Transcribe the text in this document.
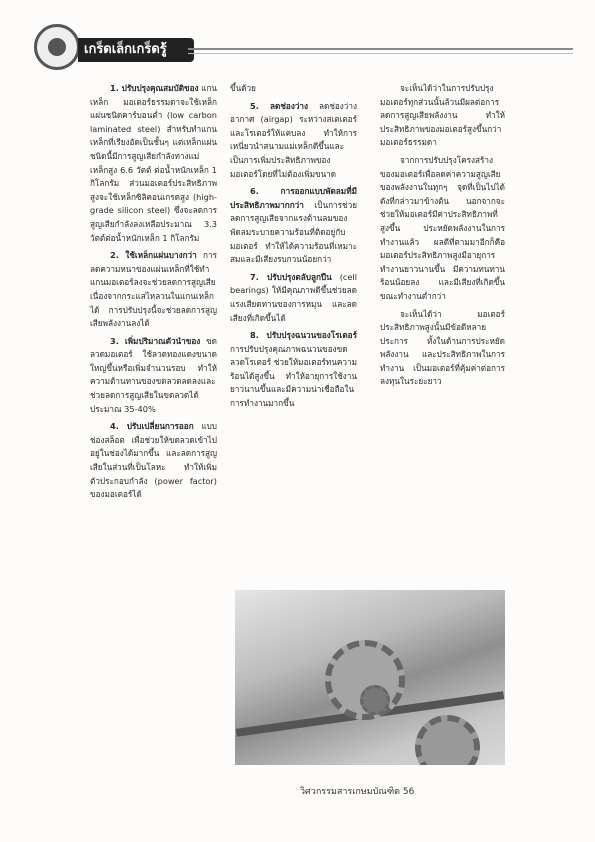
เกร็ดเล็กเกร็ดรู้

1. ปรับปรุงคุณสมบัติของ แกนเหล็ก มอเตอร์ธรรมดาจะใช้เหล็กแผ่นชนิดคาร์บอนต่ำ (low carbon laminated steel) สำหรับทำแกนเหล็กที่เรียงอัดเป็นชั้นๆ แต่เหล็กแผ่นชนิดนี้มีการสูญเสียกำลังทางแม่เหล็กสูง 6.6 วัตต์ ต่อน้ำหนักเหล็ก 1 กิโลกรัม ส่วนมอเตอร์ประสิทธิภาพสูงจะใช้เหล็กซิลิคอนเกรดสูง (high-grade silicon steel) ซึ่งจะลดการสูญเสียกำลังลงเหลือประมาณ 3.3 วัตต์ต่อน้ำหนักเหล็ก 1 กิโลกรัม

2. ใช้เหล็กแผ่นบางกว่า การลดความหนาของแผ่นเหล็กที่ใช้ทำแกนมอเตอร์ลงจะช่วยลดการสูญเสียเนื่องจากกระแสไหลวนในแกนเหล็กได้ การปรับปรุงนี้จะช่วยลดการสูญเสียพลังงานลงได้

3. เพิ่มปริมาณตัวนำของ ขดลวดมอเตอร์ ใช้ลวดทองแดงขนาดใหญ่ขึ้นหรือเพิ่มจำนวนรอบ ทำให้ความต้านทานของขดลวดลดลงและช่วยลดการสูญเสียในขดลวดได้ประมาณ 35-40%

4. ปรับเปลี่ยนการออก แบบช่องสล็อต เพื่อช่วยให้ขดลวดเข้าไปอยู่ในช่องได้มากขึ้น และลดการสูญเสียในส่วนที่เป็นโลหะ ทำให้เพิ่มตัวประกอบกำลัง (power factor) ของมอเตอร์ได้

ขึ้นด้วย

5. ลดช่องว่าง ลดช่องว่างอากาศ (airgap) ระหว่างสเตเตอร์และโรเตอร์ให้แคบลง ทำให้การเหนี่ยวนำสนามแม่เหล็กดีขึ้นและเป็นการเพิ่มประสิทธิภาพของมอเตอร์โดยที่ไม่ต้องเพิ่มขนาด

6. การออกแบบพัดลมที่มีประสิทธิภาพมากกว่า เป็นการช่วยลดการสูญเสียจากแรงต้านลมของพัดลมระบายความร้อนที่ติดอยู่กับมอเตอร์ ทำให้ได้ความร้อนที่เหมาะสมและมีเสียงรบกวนน้อยกว่า

7. ปรับปรุงตลับลูกปืน (cell bearings) ให้มีคุณภาพดีขึ้นช่วยลดแรงเสียดทานของการหมุน และลดเสียงที่เกิดขึ้นได้

8. ปรับปรุงฉนวนของโรเตอร์ การปรับปรุงคุณภาพฉนวนของขดลวดโรเตอร์ ช่วยให้มอเตอร์ทนความร้อนได้สูงขึ้น ทำให้อายุการใช้งานยาวนานขึ้นและมีความน่าเชื่อถือในการทำงานมากขึ้น

จะเห็นได้ว่าในการปรับปรุงมอเตอร์ทุกส่วนนั้นล้วนมีผลต่อการลดการสูญเสียพลังงาน ทำให้ประสิทธิภาพของมอเตอร์สูงขึ้นกว่ามอเตอร์ธรรมดา

จากการปรับปรุงโครงสร้างของมอเตอร์เพื่อลดค่าความสูญเสียของพลังงานในทุกๆ จุดที่เป็นไปได้ ดังที่กล่าวมาข้างต้น นอกจากจะช่วยให้มอเตอร์มีค่าประสิทธิภาพที่สูงขึ้น ประหยัดพลังงานในการทำงานแล้ว ผลดีที่ตามมาอีกก็คือ มอเตอร์ประสิทธิภาพสูงมีอายุการทำงานยาวนานขึ้น มีความทนทาน ร้อนน้อยลง และมีเสียงที่เกิดขึ้นขณะทำงานต่ำกว่า

จะเห็นได้ว่า มอเตอร์ประสิทธิภาพสูงนั้นมีข้อดีหลายประการ ทั้งในด้านการประหยัดพลังงาน และประสิทธิภาพในการทำงาน เป็นมอเตอร์ที่คุ้มค่าต่อการลงทุนในระยะยาว

วิศวกรรมสารเกษมบัณฑิต 56
